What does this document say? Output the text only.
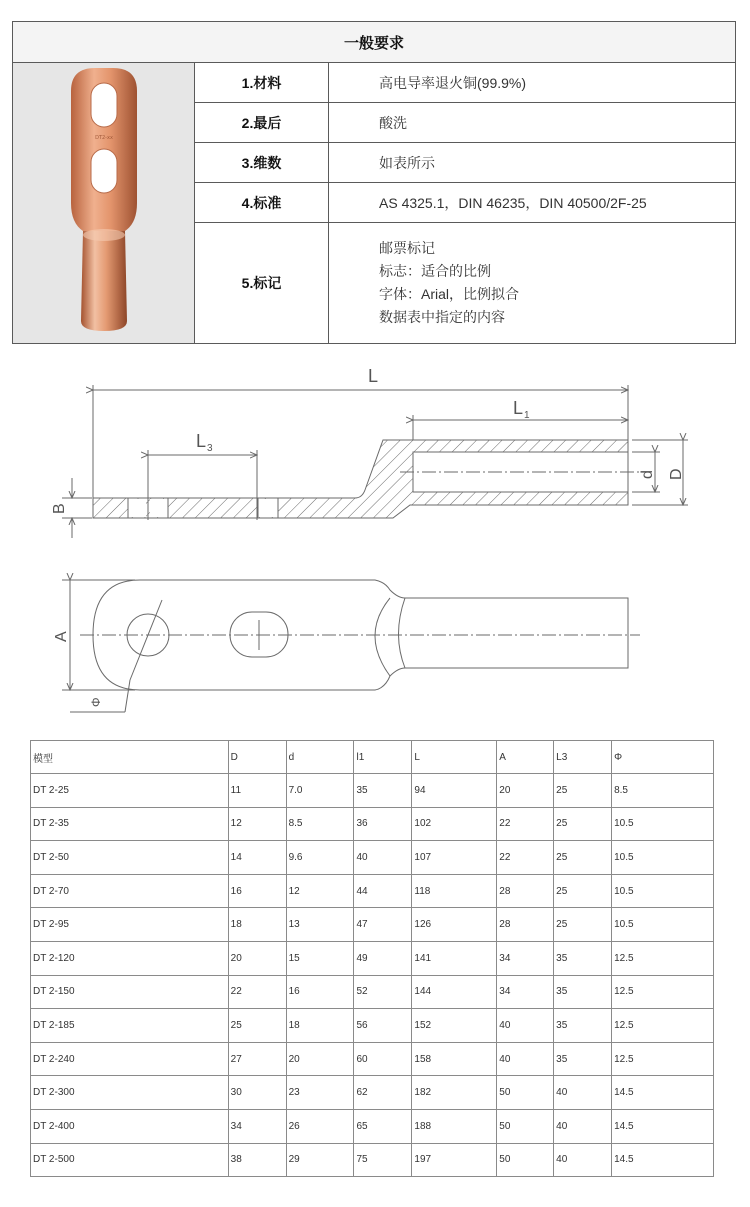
一般要求		

DT2-xx	1.材料	高电导率退火铜(99.9%)
	2.最后	酸洗
	3.维数	如表所示
	4.标准	AS 4325.1，DIN 46235，DIN 40500/2F-25
	5.标记	邮票标记
标志：适合的比例
字体：Arial，比例拟合
数据表中指定的内容
L
L 1
L 3
B
d D
A
Φ
模型	D	d	l1	L	A	L3	Φ
DT 2-25	11	7.0	35	94	20	25	8.5
DT 2-35	12	8.5	36	102	22	25	10.5
DT 2-50	14	9.6	40	107	22	25	10.5
DT 2-70	16	12	44	118	28	25	10.5
DT 2-95	18	13	47	126	28	25	10.5
DT 2-120	20	15	49	141	34	35	12.5
DT 2-150	22	16	52	144	34	35	12.5
DT 2-185	25	18	56	152	40	35	12.5
DT 2-240	27	20	60	158	40	35	12.5
DT 2-300	30	23	62	182	50	40	14.5
DT 2-400	34	26	65	188	50	40	14.5
DT 2-500	38	29	75	197	50	40	14.5
